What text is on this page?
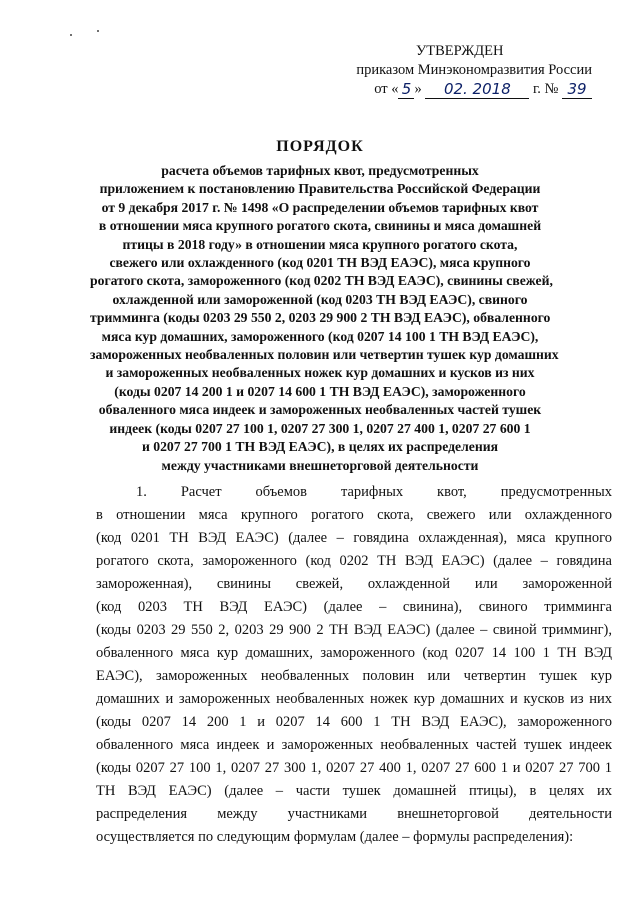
УТВЕРЖДЕН
приказом Минэкономразвития России
от « 5 » 02. 2018 г. № 39
ПОРЯДОК
расчета объемов тарифных квот, предусмотренных
приложением к постановлению Правительства Российской Федерации
от 9 декабря 2017 г. № 1498 «О распределении объемов тарифных квот
в отношении мяса крупного рогатого скота, свинины и мяса домашней
птицы в 2018 году» в отношении мяса крупного рогатого скота,
свежего или охлажденного (код 0201 ТН ВЭД ЕАЭС), мяса крупного
рогатого скота, замороженного (код 0202 ТН ВЭД ЕАЭС), свинины свежей,
охлажденной или замороженной (код 0203 ТН ВЭД ЕАЭС), свиного
тримминга (коды 0203 29 550 2, 0203 29 900 2 ТН ВЭД ЕАЭС), обваленного
мяса кур домашних, замороженного (код 0207 14 100 1 ТН ВЭД ЕАЭС),
замороженных необваленных половин или четвертин тушек кур домашних
и замороженных необваленных ножек кур домашних и кусков из них
(коды 0207 14 200 1 и 0207 14 600 1 ТН ВЭД ЕАЭС), замороженного
обваленного мяса индеек и замороженных необваленных частей тушек
индеек (коды 0207 27 100 1, 0207 27 300 1, 0207 27 400 1, 0207 27 600 1
и 0207 27 700 1 ТН ВЭД ЕАЭС), в целях их распределения
между участниками внешнеторговой деятельности
1. Расчет объемов тарифных квот, предусмотренных
в отношении мяса крупного рогатого скота, свежего или охлажденного
(код 0201 ТН ВЭД ЕАЭС) (далее – говядина охлажденная), мяса крупного
рогатого скота, замороженного (код 0202 ТН ВЭД ЕАЭС) (далее – говядина
замороженная), свинины свежей, охлажденной или замороженной
(код 0203 ТН ВЭД ЕАЭС) (далее – свинина), свиного тримминга
(коды 0203 29 550 2, 0203 29 900 2 ТН ВЭД ЕАЭС) (далее – свиной тримминг),
обваленного мяса кур домашних, замороженного (код 0207 14 100 1 ТН ВЭД
ЕАЭС), замороженных необваленных половин или четвертин тушек кур
домашних и замороженных необваленных ножек кур домашних и кусков из них
(коды 0207 14 200 1 и 0207 14 600 1 ТН ВЭД ЕАЭС), замороженного
обваленного мяса индеек и замороженных необваленных частей тушек индеек
(коды 0207 27 100 1, 0207 27 300 1, 0207 27 400 1, 0207 27 600 1 и 0207 27 700 1
ТН ВЭД ЕАЭС) (далее – части тушек домашней птицы), в целях их
распределения между участниками внешнеторговой деятельности
осуществляется по следующим формулам (далее – формулы распределения):
